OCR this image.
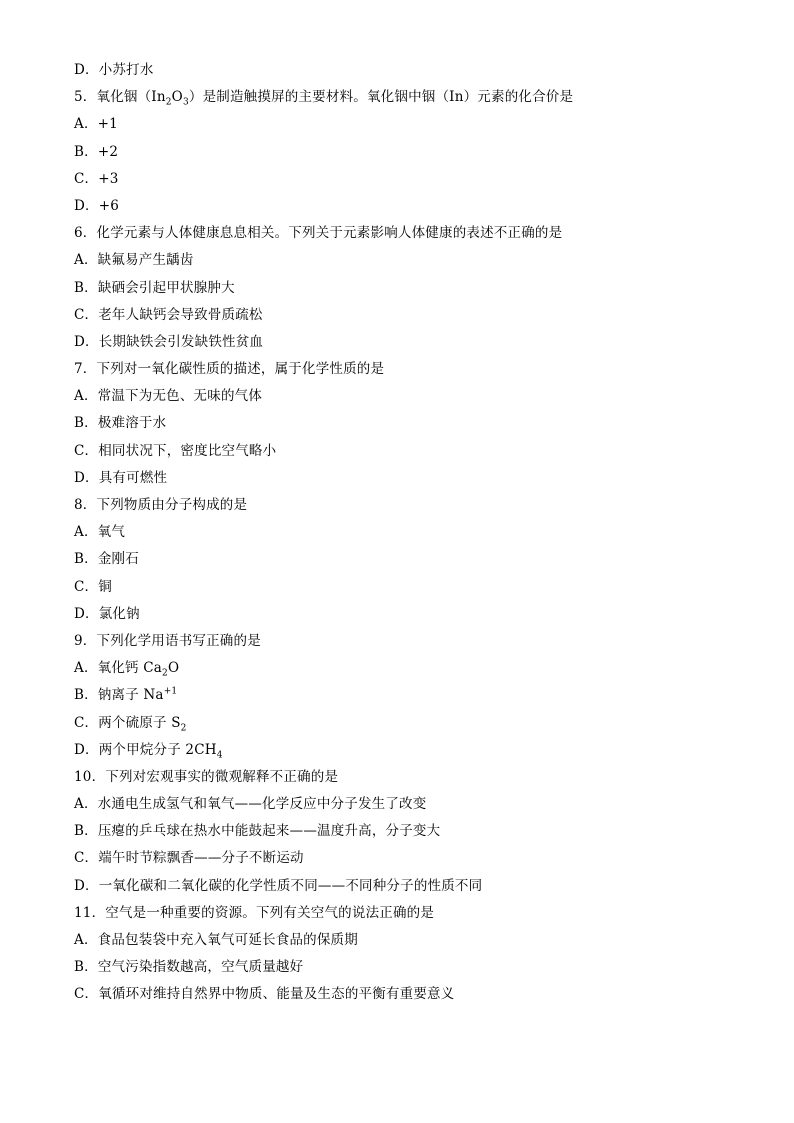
D．小苏打水
5．氧化铟$(In_2O_3)$是制造触摸屏的主要材料。氧化铟中铟（In）元素的化合价是
A．+1
B．+2
C．+3
D．+6
6．化学元素与人体健康息息相关。下列关于元素影响人体健康的表述不正确的是
A．缺氟易产生龋齿
B．缺硒会引起甲状腺肿大
C．老年人缺钙会导致骨质疏松
D．长期缺铁会引发缺铁性贫血
7．下列对一氧化碳性质的描述，属于化学性质的是
A．常温下为无色、无味的气体
B．极难溶于水
C．相同状况下，密度比空气略小
D．具有可燃性
8．下列物质由分子构成的是
A．氧气
B．金刚石
C．铜
D．氯化钠
9．下列化学用语书写正确的是
A．氧化钙 $Ca_2O$
B．钠离子 $Na^{+1}$
C．两个硫原子 $S_2$
D．两个甲烷分子 $2CH_4$
10．下列对宏观事实的微观解释不正确的是
A．水通电生成氢气和氧气——化学反应中分子发生了改变
B．压瘪的乒乓球在热水中能鼓起来——温度升高，分子变大
C．端午时节粽飘香——分子不断运动
D．一氧化碳和二氧化碳的化学性质不同——不同种分子的性质不同
11．空气是一种重要的资源。下列有关空气的说法正确的是
A．食品包装袋中充入氧气可延长食品的保质期
B．空气污染指数越高，空气质量越好
C．氧循环对维持自然界中物质、能量及生态的平衡有重要意义
